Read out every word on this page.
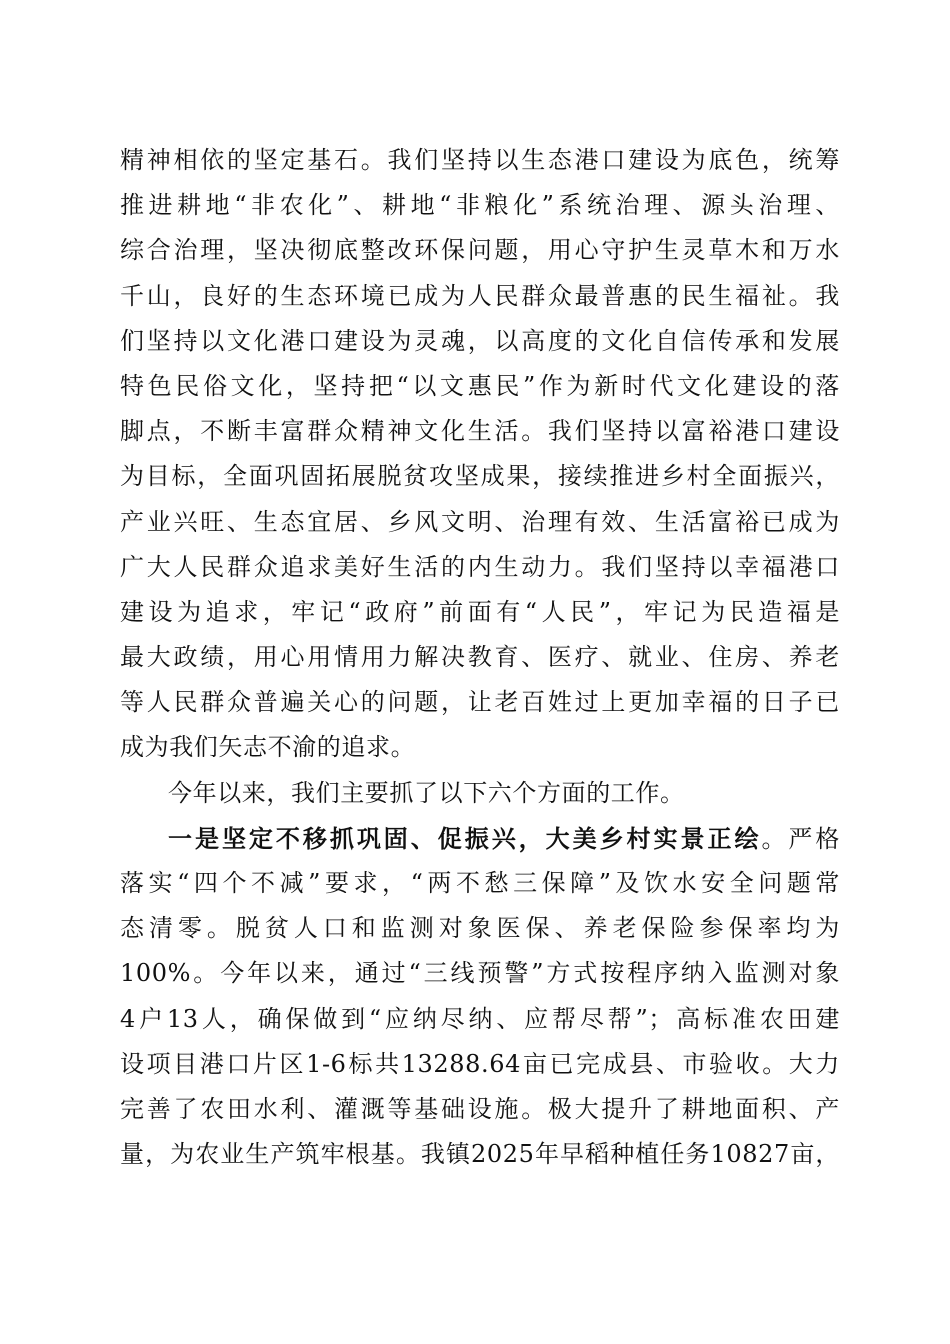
精神相依的坚定基石。我们坚持以生态港口建设为底色，统筹
推进耕地“非农化”、耕地“非粮化”系统治理、源头治理、
综合治理，坚决彻底整改环保问题，用心守护生灵草木和万水
千山，良好的生态环境已成为人民群众最普惠的民生福祉。我
们坚持以文化港口建设为灵魂，以高度的文化自信传承和发展
特色民俗文化，坚持把“以文惠民”作为新时代文化建设的落
脚点，不断丰富群众精神文化生活。我们坚持以富裕港口建设
为目标，全面巩固拓展脱贫攻坚成果，接续推进乡村全面振兴，
产业兴旺、生态宜居、乡风文明、治理有效、生活富裕已成为
广大人民群众追求美好生活的内生动力。我们坚持以幸福港口
建设为追求，牢记“政府”前面有“人民”，牢记为民造福是
最大政绩，用心用情用力解决教育、医疗、就业、住房、养老
等人民群众普遍关心的问题，让老百姓过上更加幸福的日子已
成为我们矢志不渝的追求。
今年以来，我们主要抓了以下六个方面的工作。
一是坚定不移抓巩固、促振兴，大美乡村实景正绘。严格
落实“四个不减”要求，“两不愁三保障”及饮水安全问题常
态清零。脱贫人口和监测对象医保、养老保险参保率均为
100%。今年以来，通过“三线预警”方式按程序纳入监测对象
4户13人，确保做到“应纳尽纳、应帮尽帮”；高标准农田建
设项目港口片区1-6标共13288.64亩已完成县、市验收。大力
完善了农田水利、灌溉等基础设施。极大提升了耕地面积、产
量，为农业生产筑牢根基。我镇2025年早稻种植任务10827亩，
